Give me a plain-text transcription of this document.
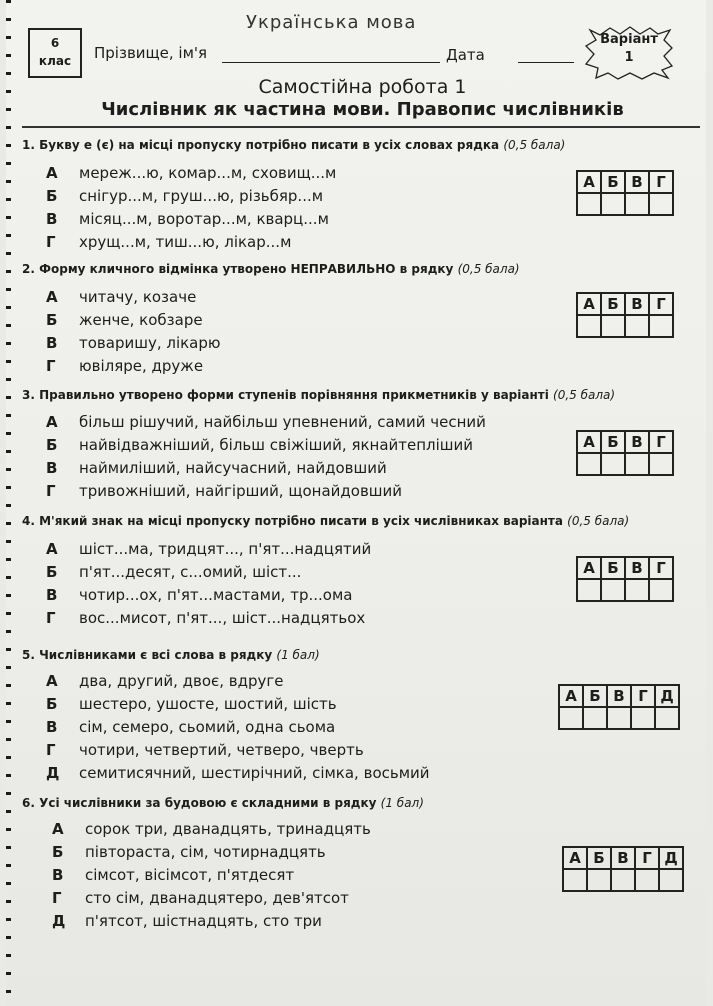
Українська мова
6
клас	Прізвище, ім'я	Дата
Варіант
1
Самостійна робота 1
Числівник як частина мови. Правопис числівників
1. Букву е (є) на місці пропуску потрібно писати в усіх словах рядка (0,5 бала)
А мереж...ю, комар...м, сховищ...м
Б снігур...м, груш...ю, різьбяр...м
В місяц...м, воротар...м, кварц...м
Г хрущ...м, тиш...ю, лікар...м
А	Б	В	Г

2. Форму кличного відмінка утворено НЕПРАВИЛЬНО в рядку (0,5 бала)
А читачу, козаче
Б женче, кобзаре
В товаришу, лікарю
Г ювіляре, друже
А	Б	В	Г

3. Правильно утворено форми ступенів порівняння прикметників у варіанті (0,5 бала)
А більш рішучий, найбільш упевнений, самий чесний
Б найвідважніший, більш свіжіший, якнайтепліший
В наймиліший, найсучасний, найдовший
Г тривожніший, найгірший, щонайдовший
А	Б	В	Г

4. М'який знак на місці пропуску потрібно писати в усіх числівниках варіанта (0,5 бала)
А шіст...ма, тридцят..., п'ят...надцятий
Б п'ят...десят, с...омий, шіст...
В чотир...ох, п'ят...мастами, тр...ома
Г вос...мисот, п'ят..., шіст...надцятьох
А	Б	В	Г

5. Числівниками є всі слова в рядку (1 бал)
А два, другий, двоє, вдруге
Б шестеро, ушосте, шостий, шість
В сім, семеро, сьомий, одна сьома
Г чотири, четвертий, четверо, чверть
Д семитисячний, шестирічний, сімка, восьмий
А	Б	В	Г	Д

6. Усі числівники за будовою є складними в рядку (1 бал)
А сорок три, дванадцять, тринадцять
Б півтораста, сім, чотирнадцять
В сімсот, вісімсот, п'ятдесят
Г сто сім, дванадцятеро, дев'ятсот
Д п'ятсот, шістнадцять, сто три
А	Б	В	Г	Д
